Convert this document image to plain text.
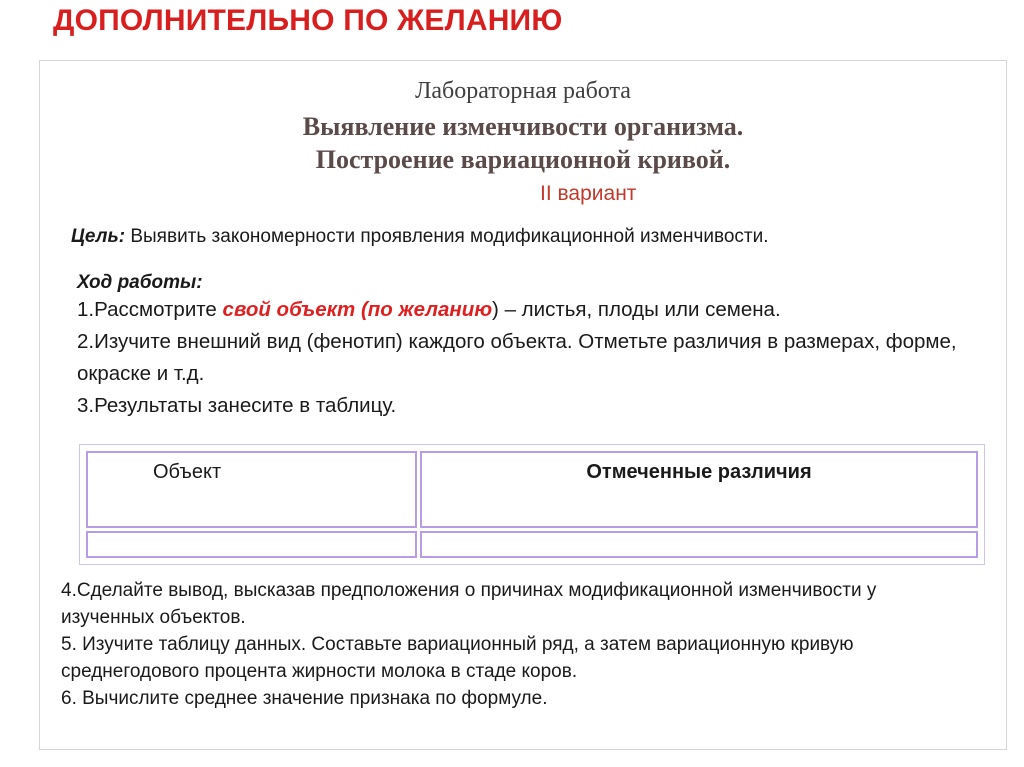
ДОПОЛНИТЕЛЬНО ПО ЖЕЛАНИЮ
Лабораторная работа
Выявление изменчивости организма.
Построение вариационной кривой.
II вариант
Цель: Выявить закономерности проявления модификационной изменчивости.
Ход работы:
1.Рассмотрите свой объект (по желанию) – листья, плоды или семена.
2.Изучите внешний вид (фенотип) каждого объекта. Отметьте различия в размерах, форме, окраске и т.д.
3.Результаты занесите в таблицу.
Объект	Отмеченные различия

4.Сделайте вывод, высказав предположения о причинах модификационной изменчивости у изученных объектов.
5. Изучите таблицу данных. Составьте вариационный ряд, а затем вариационную кривую среднегодового процента жирности молока в стаде коров.
6. Вычислите среднее значение признака по формуле.
